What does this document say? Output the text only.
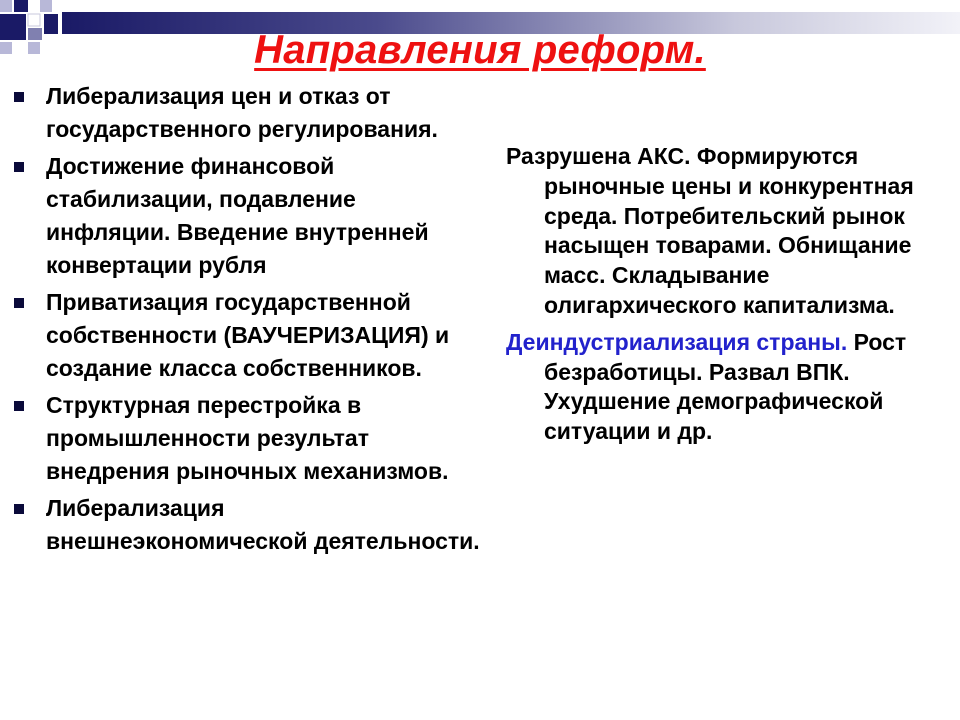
Направления реформ.
Либерализация цен и отказ от государственного регулирования.
Достижение финансовой стабилизации, подавление инфляции. Введение внутренней конвертации рубля
Приватизация государственной собственности (ВАУЧЕРИЗАЦИЯ) и создание класса собственников.
Структурная перестройка в промышленности результат внедрения рыночных механизмов.
Либерализация внешнеэкономической деятельности.
Разрушена АКС. Формируются рыночные цены и конкурентная среда. Потребительский рынок насыщен товарами. Обнищание масс. Складывание олигархического капитализма.
Деиндустриализация страны. Рост безработицы. Развал ВПК. Ухудшение демографической ситуации и др.
